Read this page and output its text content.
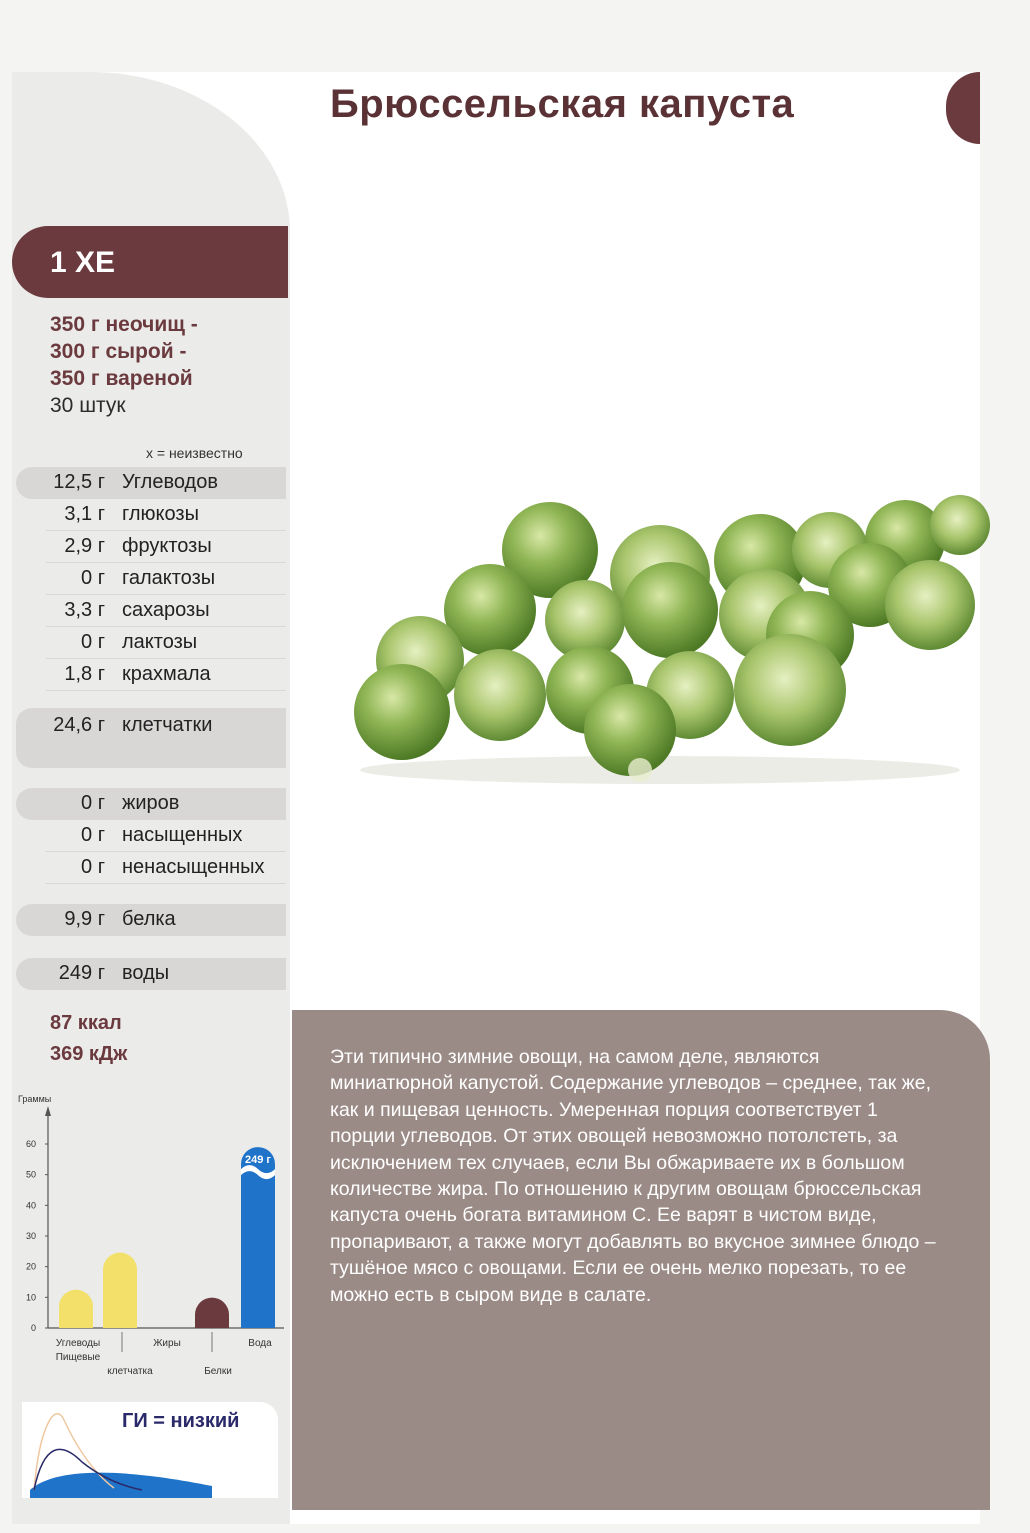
Брюссельская капуста
1 ХЕ
350 г неочищ -
300 г сырой -
350 г вареной
30 штук
x = неизвестно
12,5 г Углеводов
3,1 г глюкозы
2,9 г фруктозы
0 г галактозы
3,3 г сахарозы
0 г лактозы
1,8 г крахмала
24,6 г клетчатки
0 г жиров
0 г насыщенных
0 г ненасыщенных
9,9 г белка
249 г воды
87 ккал
369 кДж
Граммы
0
10
20
30
40
50
60
249 г
Углеводы
Пищевые
клетчатка
Жиры
Белки
Вода
ГИ = низкий

Эти типично зимние овощи, на самом деле, являются миниатюрной капустой. Содержание углеводов – среднее, так же, как и пищевая ценность. Умеренная порция соответствует 1 порции углеводов. От этих овощей невозможно потолстеть, за исключением тех случаев, если Вы обжариваете их в большом количестве жира. По отношению к другим овощам брюссельская капуста очень богата витамином С. Ее варят в чистом виде, пропаривают, а также могут добавлять во вкусное зимнее блюдо – тушёное мясо с овощами. Если ее очень мелко порезать, то ее можно есть в сыром виде в салате.
